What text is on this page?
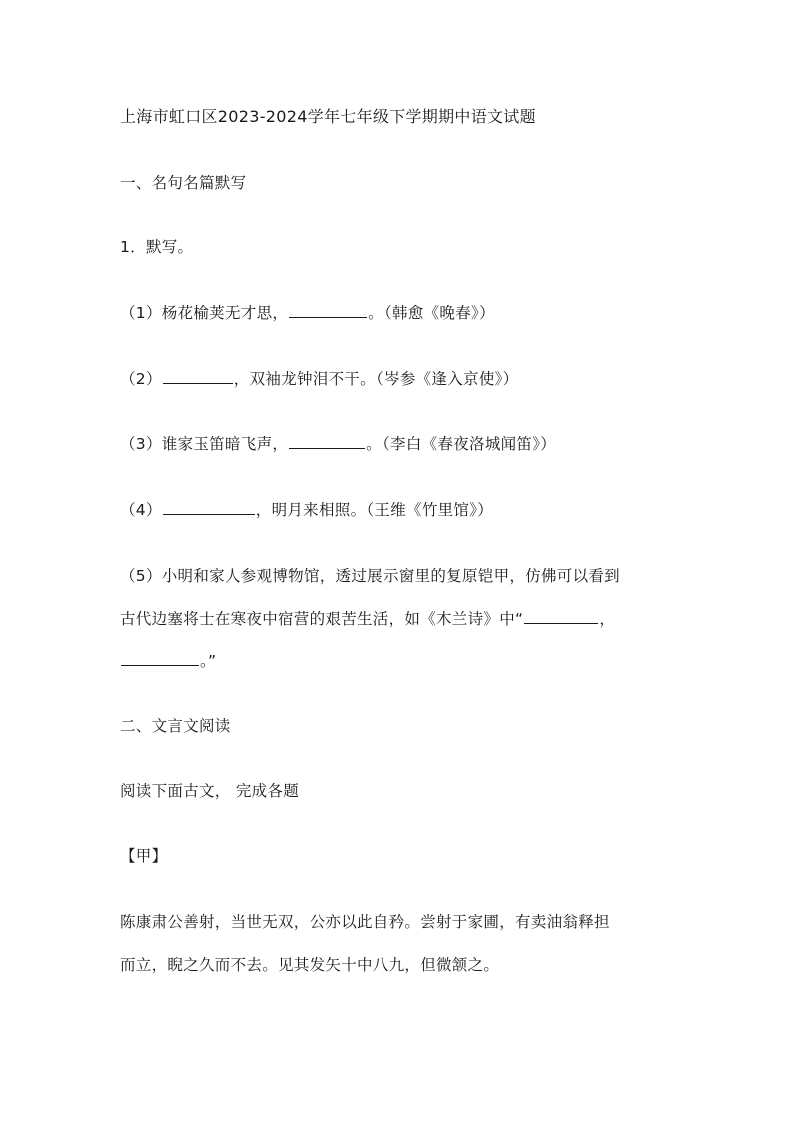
上海市虹口区2023-2024学年七年级下学期期中语文试题
一、名句名篇默写
1．默写。
（1）杨花榆荚无才思，	。（韩愈《晚春》）
（2）	，双袖龙钟泪不干。（岑参《逢入京使》）
（3）谁家玉笛暗飞声，	。（李白《春夜洛城闻笛》）
（4）	，明月来相照。（王维《竹里馆》）
（5）小明和家人参观博物馆，透过展示窗里的复原铠甲，仿佛可以看到
古代边塞将士在寒夜中宿营的艰苦生活，如《木兰诗》中“	，
。”
二、文言文阅读
阅读下面古文， 完成各题
【甲】
陈康肃公善射，当世无双，公亦以此自矜。尝射于家圃，有卖油翁释担
而立，睨之久而不去。见其发矢十中八九，但微颔之。
